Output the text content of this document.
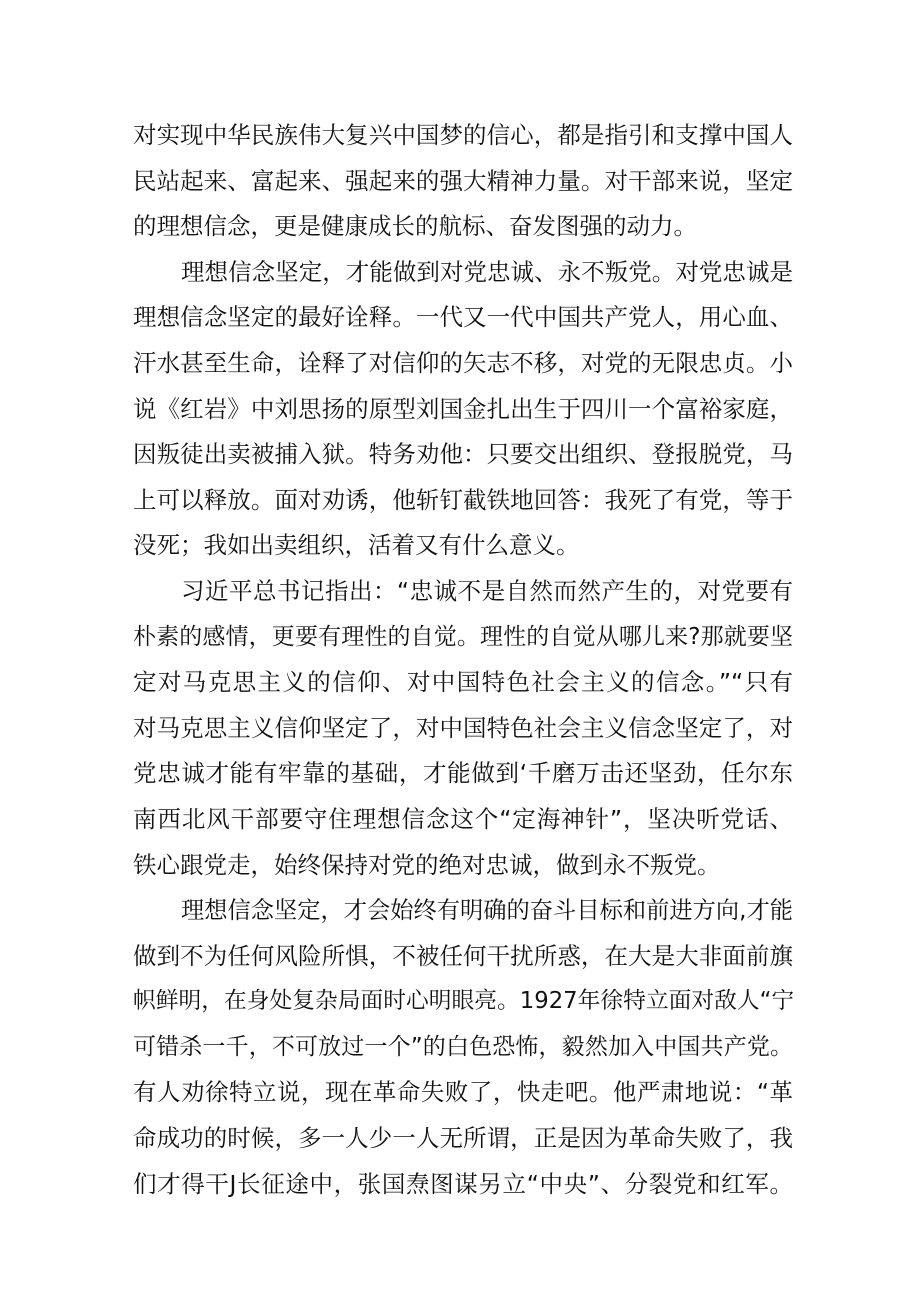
对实现中华民族伟大复兴中国梦的信心，都是指引和支撑中国人
民站起来、富起来、强起来的强大精神力量。对干部来说，坚定
的理想信念，更是健康成长的航标、奋发图强的动力。
理想信念坚定，才能做到对党忠诚、永不叛党。对党忠诚是
理想信念坚定的最好诠释。一代又一代中国共产党人，用心血、
汗水甚至生命，诠释了对信仰的矢志不移，对党的无限忠贞。小
说《红岩》中刘思扬的原型刘国金扎出生于四川一个富裕家庭，
因叛徒出卖被捕入狱。特务劝他：只要交出组织、登报脱党，马
上可以释放。面对劝诱，他斩钉截铁地回答：我死了有党，等于
没死；我如出卖组织，活着又有什么意义。
习近平总书记指出：“忠诚不是自然而然产生的，对党要有
朴素的感情，更要有理性的自觉。理性的自觉从哪儿来?那就要坚
定对马克思主义的信仰、对中国特色社会主义的信念。”“只有
对马克思主义信仰坚定了，对中国特色社会主义信念坚定了，对
党忠诚才能有牢靠的基础，才能做到‘千磨万击还坚劲，任尔东
南西北风干部要守住理想信念这个“定海神针”，坚决听党话、
铁心跟党走，始终保持对党的绝对忠诚，做到永不叛党。
理想信念坚定，才会始终有明确的奋斗目标和前进方向,才能
做到不为任何风险所惧，不被任何干扰所惑，在大是大非面前旗
帜鲜明，在身处复杂局面时心明眼亮。1927年徐特立面对敌人“宁
可错杀一千，不可放过一个”的白色恐怖，毅然加入中国共产党。
有人劝徐特立说，现在革命失败了，快走吧。他严肃地说：“革
命成功的时候，多一人少一人无所谓，正是因为革命失败了，我
们才得干J长征途中，张国焘图谋另立“中央”、分裂党和红军。
